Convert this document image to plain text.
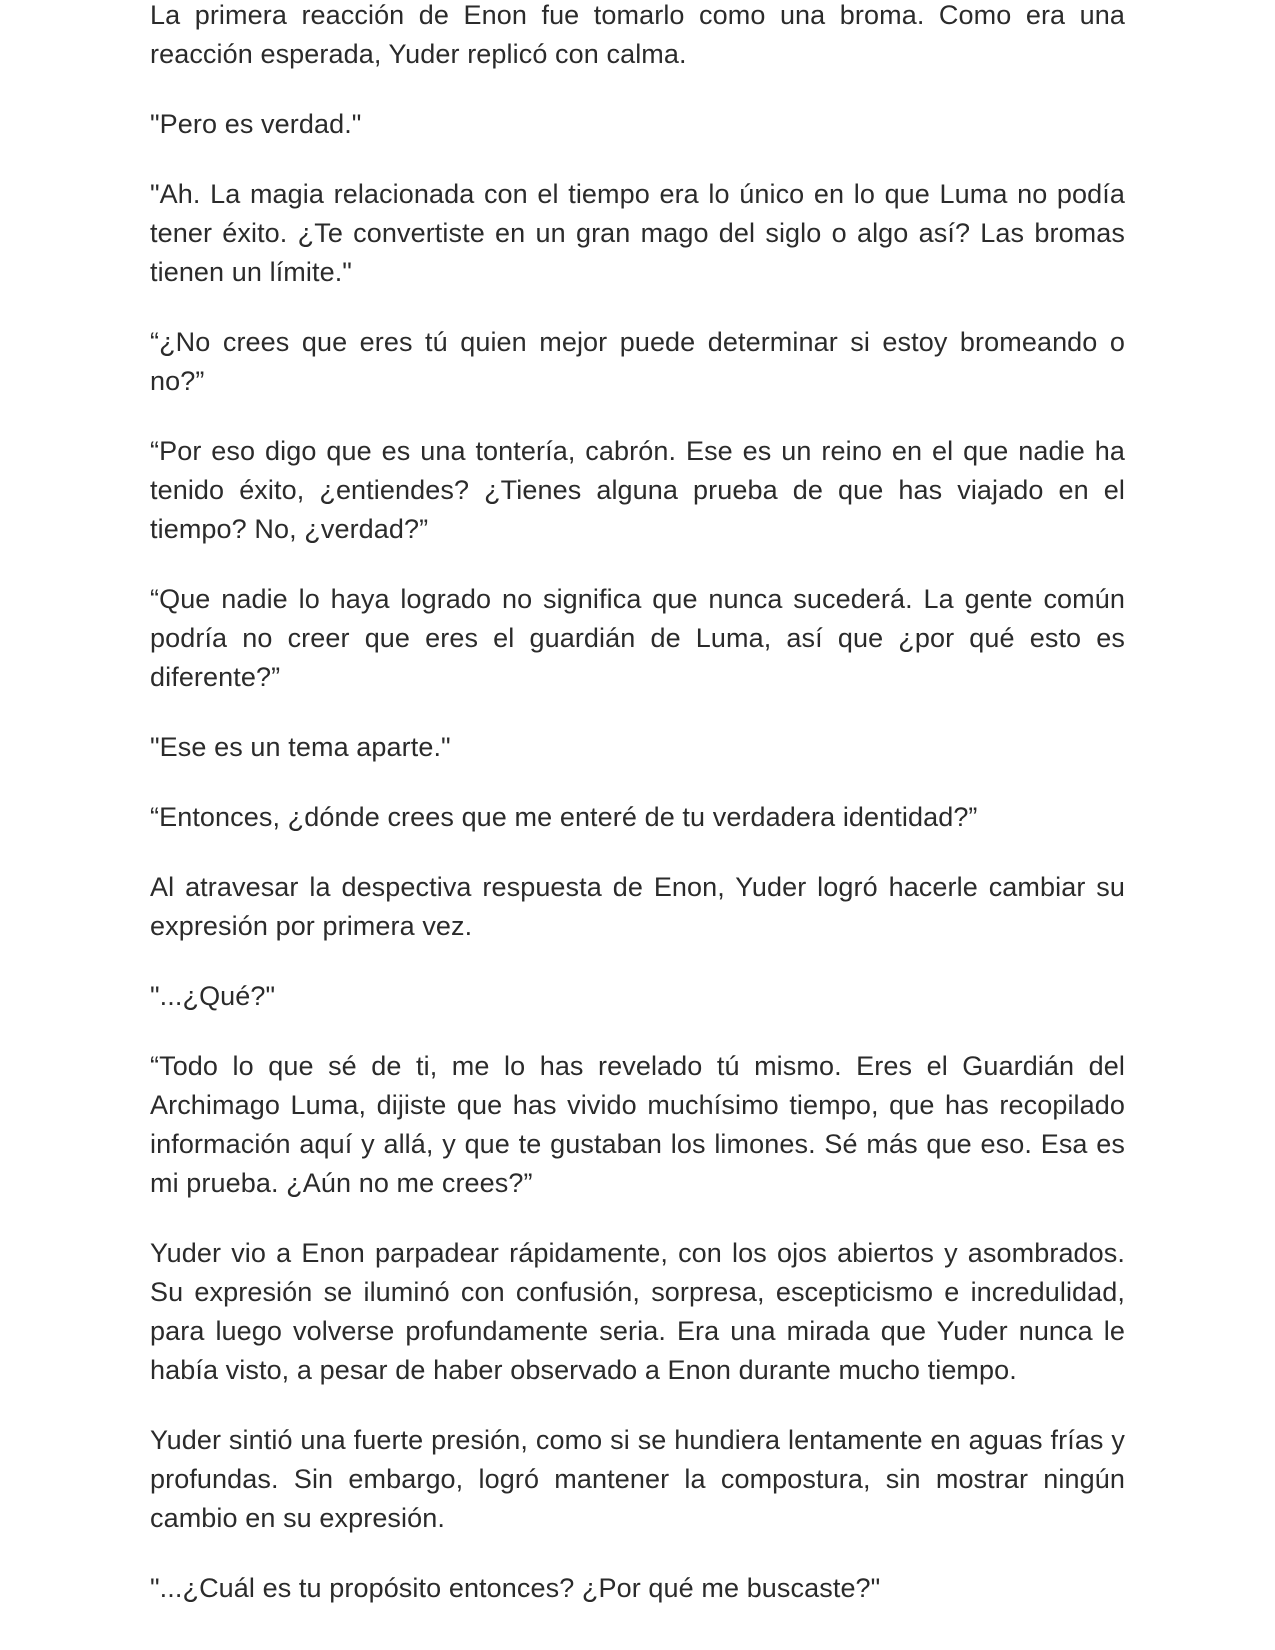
La primera reacción de Enon fue tomarlo como una broma. Como era una reacción esperada, Yuder replicó con calma.

"Pero es verdad."

"Ah. La magia relacionada con el tiempo era lo único en lo que Luma no podía tener éxito. ¿Te convertiste en un gran mago del siglo o algo así? Las bromas tienen un límite."

“¿No crees que eres tú quien mejor puede determinar si estoy bromeando o no?”

“Por eso digo que es una tontería, cabrón. Ese es un reino en el que nadie ha tenido éxito, ¿entiendes? ¿Tienes alguna prueba de que has viajado en el tiempo? No, ¿verdad?”

“Que nadie lo haya logrado no significa que nunca sucederá. La gente común podría no creer que eres el guardián de Luma, así que ¿por qué esto es diferente?”

"Ese es un tema aparte."

“Entonces, ¿dónde crees que me enteré de tu verdadera identidad?”

Al atravesar la despectiva respuesta de Enon, Yuder logró hacerle cambiar su expresión por primera vez.

"...¿Qué?"

“Todo lo que sé de ti, me lo has revelado tú mismo. Eres el Guardián del Archimago Luma, dijiste que has vivido muchísimo tiempo, que has recopilado información aquí y allá, y que te gustaban los limones. Sé más que eso. Esa es mi prueba. ¿Aún no me crees?”

Yuder vio a Enon parpadear rápidamente, con los ojos abiertos y asombrados. Su expresión se iluminó con confusión, sorpresa, escepticismo e incredulidad, para luego volverse profundamente seria. Era una mirada que Yuder nunca le había visto, a pesar de haber observado a Enon durante mucho tiempo.

Yuder sintió una fuerte presión, como si se hundiera lentamente en aguas frías y profundas. Sin embargo, logró mantener la compostura, sin mostrar ningún cambio en su expresión.

"...¿Cuál es tu propósito entonces? ¿Por qué me buscaste?"
